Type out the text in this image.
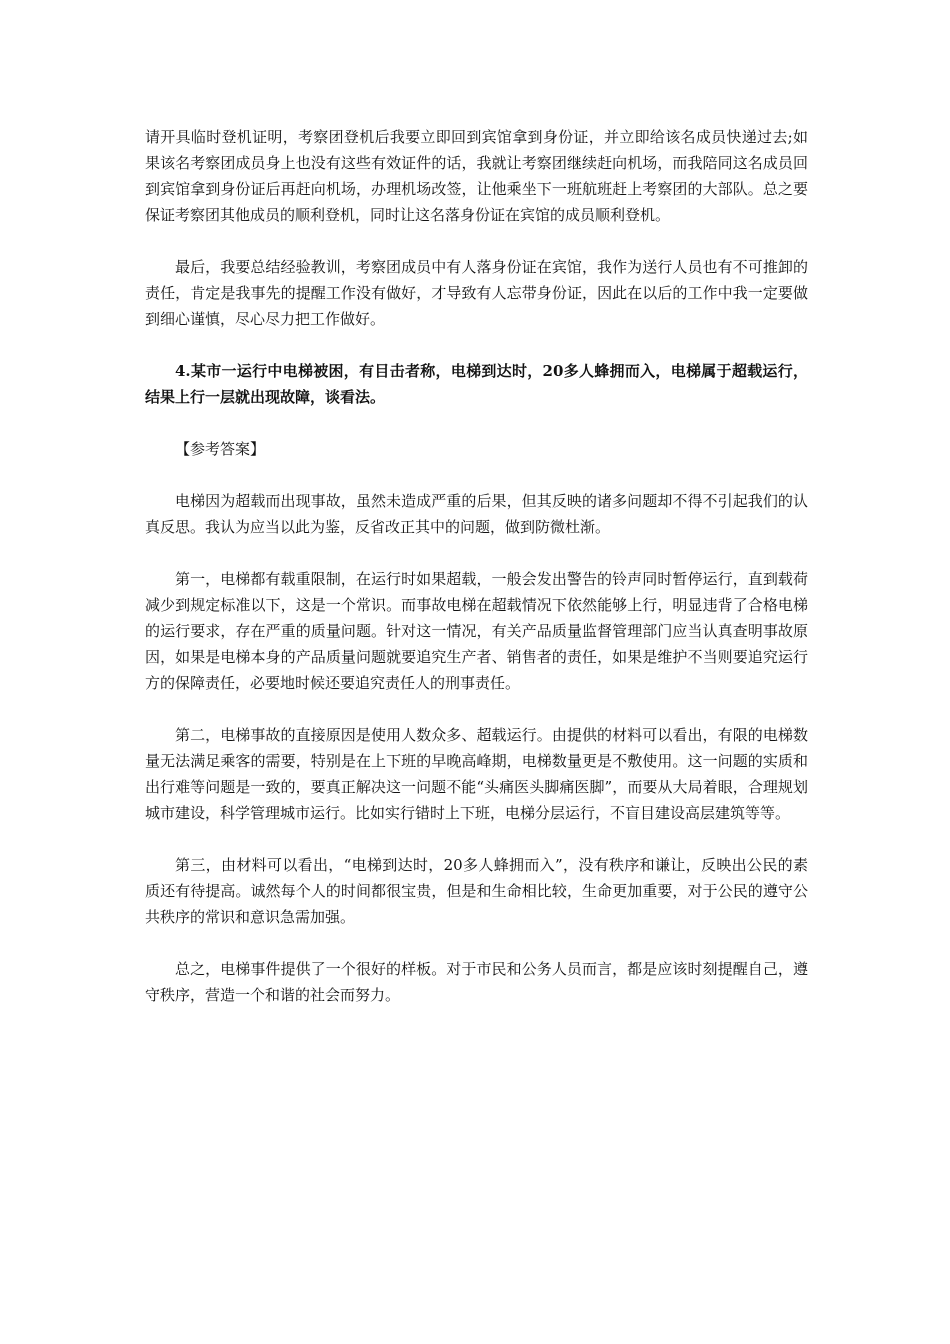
请开具临时登机证明，考察团登机后我要立即回到宾馆拿到身份证，并立即给该名成员快递过去;如果该名考察团成员身上也没有这些有效证件的话，我就让考察团继续赶向机场，而我陪同这名成员回到宾馆拿到身份证后再赶向机场，办理机场改签，让他乘坐下一班航班赶上考察团的大部队。总之要保证考察团其他成员的顺利登机，同时让这名落身份证在宾馆的成员顺利登机。

最后，我要总结经验教训，考察团成员中有人落身份证在宾馆，我作为送行人员也有不可推卸的责任，肯定是我事先的提醒工作没有做好，才导致有人忘带身份证，因此在以后的工作中我一定要做到细心谨慎，尽心尽力把工作做好。

4.某市一运行中电梯被困，有目击者称，电梯到达时，20多人蜂拥而入，电梯属于超载运行，结果上行一层就出现故障，谈看法。

【参考答案】

电梯因为超载而出现事故，虽然未造成严重的后果，但其反映的诸多问题却不得不引起我们的认真反思。我认为应当以此为鉴，反省改正其中的问题，做到防微杜渐。

第一，电梯都有载重限制，在运行时如果超载，一般会发出警告的铃声同时暂停运行，直到载荷减少到规定标准以下，这是一个常识。而事故电梯在超载情况下依然能够上行，明显违背了合格电梯的运行要求，存在严重的质量问题。针对这一情况，有关产品质量监督管理部门应当认真查明事故原因，如果是电梯本身的产品质量问题就要追究生产者、销售者的责任，如果是维护不当则要追究运行方的保障责任，必要地时候还要追究责任人的刑事责任。

第二，电梯事故的直接原因是使用人数众多、超载运行。由提供的材料可以看出，有限的电梯数量无法满足乘客的需要，特别是在上下班的早晚高峰期，电梯数量更是不敷使用。这一问题的实质和出行难等问题是一致的，要真正解决这一问题不能“头痛医头脚痛医脚”，而要从大局着眼，合理规划城市建设，科学管理城市运行。比如实行错时上下班，电梯分层运行，不盲目建设高层建筑等等。

第三，由材料可以看出，“电梯到达时，20多人蜂拥而入”，没有秩序和谦让，反映出公民的素质还有待提高。诚然每个人的时间都很宝贵，但是和生命相比较，生命更加重要，对于公民的遵守公共秩序的常识和意识急需加强。

总之，电梯事件提供了一个很好的样板。对于市民和公务人员而言，都是应该时刻提醒自己，遵守秩序，营造一个和谐的社会而努力。
